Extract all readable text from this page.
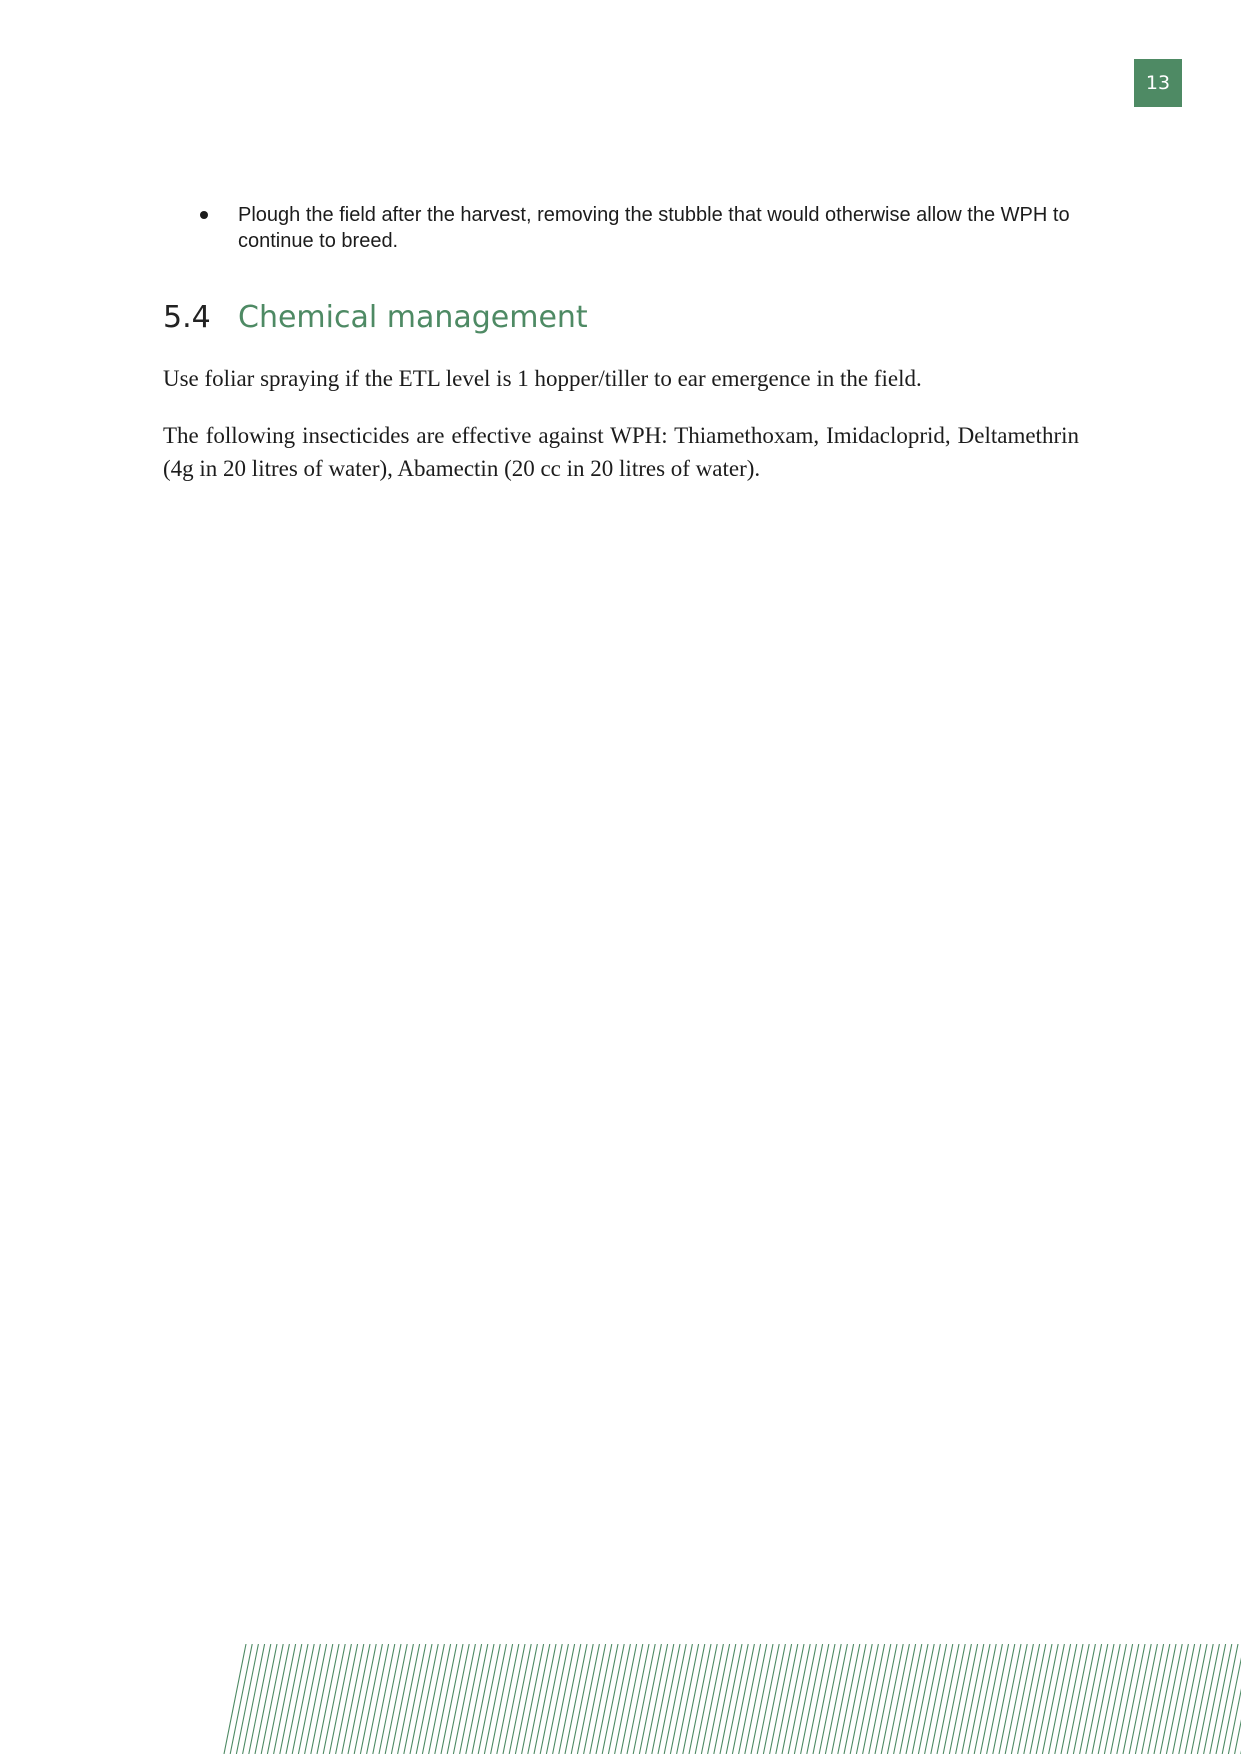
13
Plough the field after the harvest, removing the stubble that would otherwise allow the WPH to continue to breed.
5.4 Chemical management

Use foliar spraying if the ETL level is 1 hopper/tiller to ear emergence in the field.

The following insecticides are effective against WPH: Thiamethoxam, Imidacloprid, Deltamethrin (4g in 20 litres of water), Abamectin (20 cc in 20 litres of water).
